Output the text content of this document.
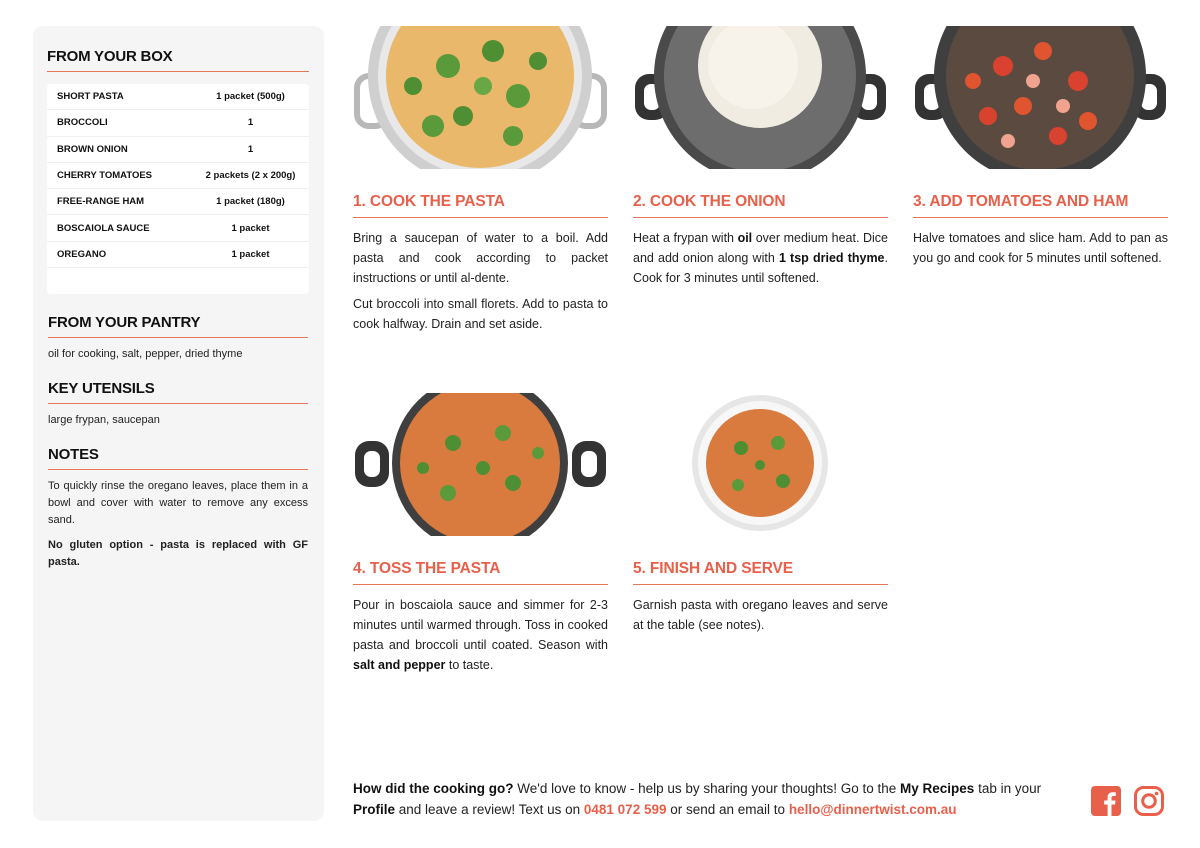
FROM YOUR BOX
SHORT PASTA	1 packet (500g)
BROCCOLI	1
BROWN ONION	1
CHERRY TOMATOES	2 packets (2 x 200g)
FREE-RANGE HAM	1 packet (180g)
BOSCAIOLA SAUCE	1 packet
OREGANO	1 packet
FROM YOUR PANTRY
oil for cooking, salt, pepper, dried thyme
KEY UTENSILS
large frypan, saucepan
NOTES
To quickly rinse the oregano leaves, place them in a bowl and cover with water to remove any excess sand.
No gluten option - pasta is replaced with GF pasta.
1. COOK THE PASTA
Bring a saucepan of water to a boil. Add pasta and cook according to packet instructions or until al-dente.
Cut broccoli into small florets. Add to pasta to cook halfway. Drain and set aside.
2. COOK THE ONION
Heat a frypan with oil over medium heat. Dice and add onion along with 1 tsp dried thyme. Cook for 3 minutes until softened.
3. ADD TOMATOES AND HAM
Halve tomatoes and slice ham. Add to pan as you go and cook for 5 minutes until softened.
4. TOSS THE PASTA
Pour in boscaiola sauce and simmer for 2-3 minutes until warmed through. Toss in cooked pasta and broccoli until coated. Season with salt and pepper to taste.
5. FINISH AND SERVE
Garnish pasta with oregano leaves and serve at the table (see notes).
How did the cooking go? We'd love to know - help us by sharing your thoughts! Go to the My Recipes tab in your Profile and leave a review! Text us on 0481 072 599 or send an email to hello@dinnertwist.com.au
